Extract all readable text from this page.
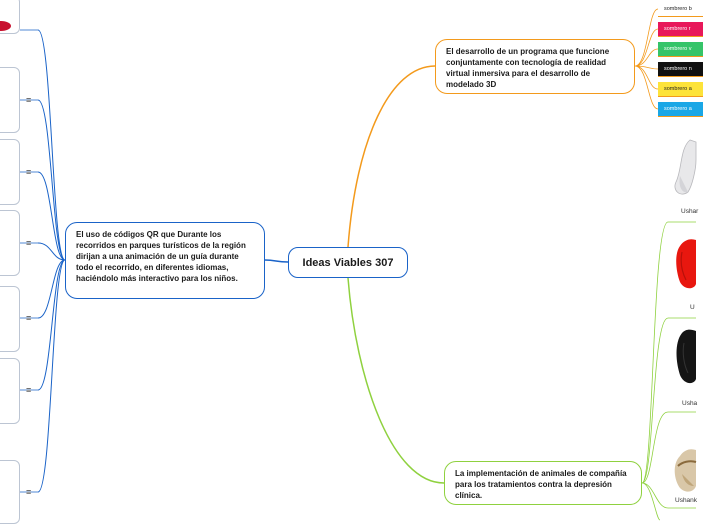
≡
≡
≡
≡
≡
≡
Ideas Viables 307
El uso de códigos QR que Durante los recorridos en parques turísticos de la región dirijan a una animación de un guía durante todo el recorrido, en diferentes idiomas, haciéndolo más interactivo para los niños.
El desarrollo de un programa que funcione conjuntamente con tecnología de realidad virtual inmersiva para el desarrollo de modelado 3D
La implementación de animales de compañía para los tratamientos contra la depresión clínica.
sombrero b
sombrero r
sombrero v
sombrero n
sombrero a
sombrero a
Ushar
U
Usha
Ushank
